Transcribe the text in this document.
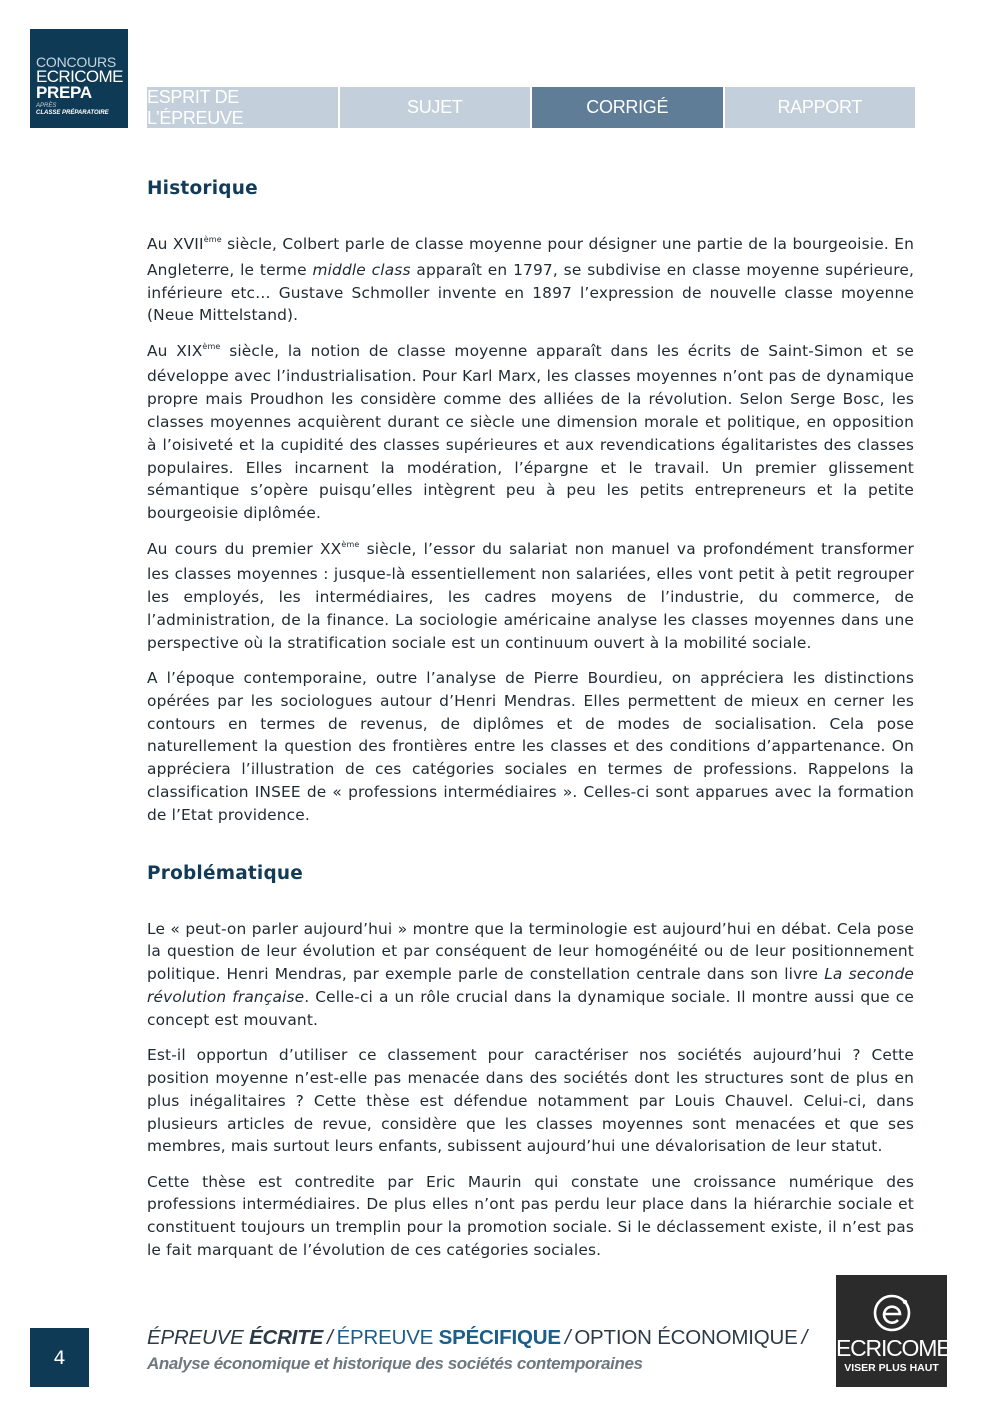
CONCOURS
ECRICOME
PREPA
APRÈS
CLASSE PRÉPARATOIRE
ESPRIT DE L’ÉPREUVE
SUJET	CORRIGÉ	RAPPORT
Historique

Au XVIIème siècle, Colbert parle de classe moyenne pour désigner une partie de la bourgeoisie. En Angleterre, le terme middle class apparaît en 1797, se subdivise en classe moyenne supérieure, inférieure etc… Gustave Schmoller invente en 1897 l’expression de nouvelle classe moyenne (Neue Mittelstand).

Au XIXème siècle, la notion de classe moyenne apparaît dans les écrits de Saint-Simon et se développe avec l’industrialisation. Pour Karl Marx, les classes moyennes n’ont pas de dynamique propre mais Proudhon les considère comme des alliées de la révolution. Selon Serge Bosc, les classes moyennes acquièrent durant ce siècle une dimension morale et politique, en opposition à l’oisiveté et la cupidité des classes supérieures et aux revendications égalitaristes des classes populaires. Elles incarnent la modération, l’épargne et le travail. Un premier glissement sémantique s’opère puisqu’elles intègrent peu à peu les petits entrepreneurs et la petite bourgeoisie diplômée.

Au cours du premier XXème siècle, l’essor du salariat non manuel va profondément transformer les classes moyennes : jusque-là essentiellement non salariées, elles vont petit à petit regrouper les employés, les intermédiaires, les cadres moyens de l’industrie, du commerce, de l’administration, de la finance. La sociologie américaine analyse les classes moyennes dans une perspective où la stratification sociale est un continuum ouvert à la mobilité sociale.

A l’époque contemporaine, outre l’analyse de Pierre Bourdieu, on appréciera les distinctions opérées par les sociologues autour d’Henri Mendras. Elles permettent de mieux en cerner les contours en termes de revenus, de diplômes et de modes de socialisation. Cela pose naturellement la question des frontières entre les classes et des conditions d’appartenance. On appréciera l’illustration de ces catégories sociales en termes de professions. Rappelons la classification INSEE de « professions intermédiaires ». Celles-ci sont apparues avec la formation de l’Etat providence.

Problématique

Le « peut-on parler aujourd’hui » montre que la terminologie est aujourd’hui en débat. Cela pose la question de leur évolution et par conséquent de leur homogénéité ou de leur positionnement politique. Henri Mendras, par exemple parle de constellation centrale dans son livre La seconde révolution française. Celle-ci a un rôle crucial dans la dynamique sociale. Il montre aussi que ce concept est mouvant.

Est-il opportun d’utiliser ce classement pour caractériser nos sociétés aujourd’hui ? Cette position moyenne n’est-elle pas menacée dans des sociétés dont les structures sont de plus en plus inégalitaires ? Cette thèse est défendue notamment par Louis Chauvel. Celui-ci, dans plusieurs articles de revue, considère que les classes moyennes sont menacées et que ses membres, mais surtout leurs enfants, subissent aujourd’hui une dévalorisation de leur statut.

Cette thèse est contredite par Eric Maurin qui constate une croissance numérique des professions intermédiaires. De plus elles n’ont pas perdu leur place dans la hiérarchie sociale et constituent toujours un tremplin pour la promotion sociale. Si le déclassement existe, il n’est pas le fait marquant de l’évolution de ces catégories sociales.

4
ÉPREUVE ÉCRITE / ÉPREUVE SPÉCIFIQUE / OPTION ÉCONOMIQUE /
Analyse économique et historique des sociétés contemporaines
ECRICOME
VISER PLUS HAUT
